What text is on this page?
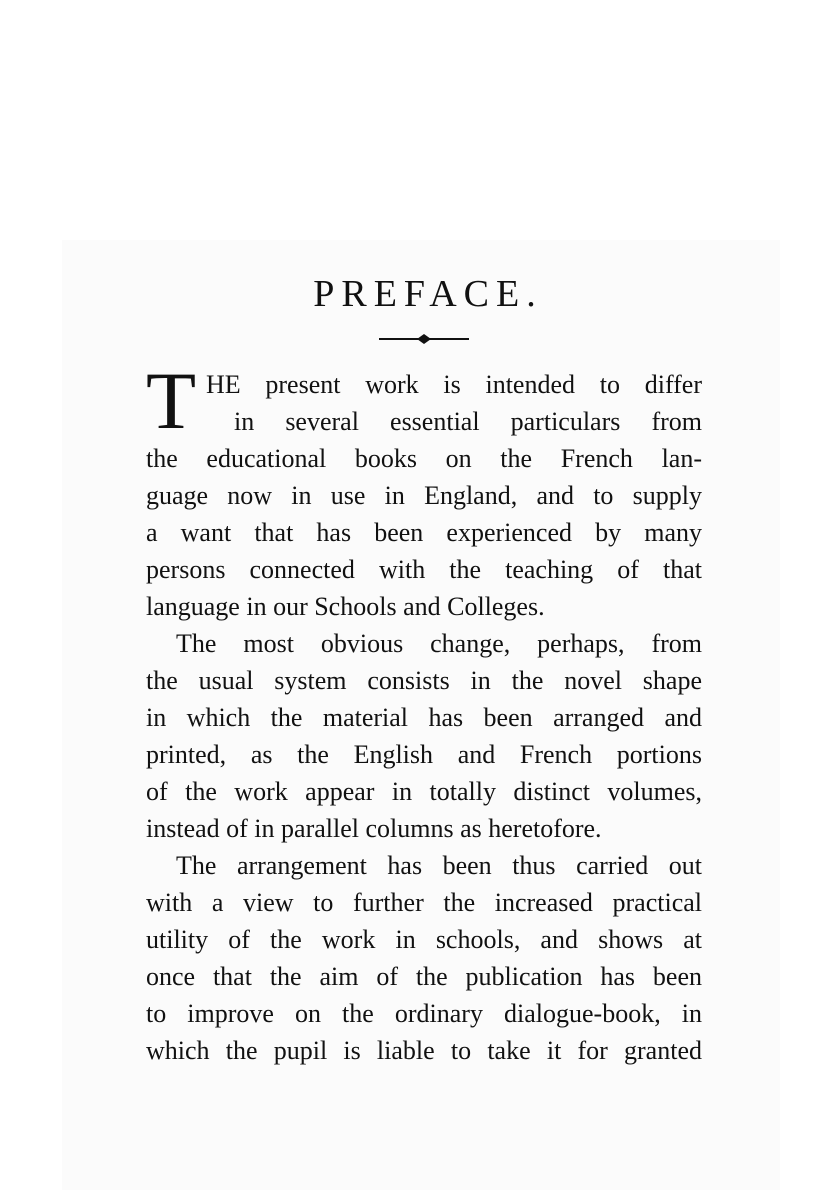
PREFACE.
T HE present work is intended to differ
in several essential particulars from
the educational books on the French lan-
guage now in use in England, and to supply
a want that has been experienced by many
persons connected with the teaching of that
language in our Schools and Colleges.
The most obvious change, perhaps, from
the usual system consists in the novel shape
in which the material has been arranged and
printed, as the English and French portions
of the work appear in totally distinct volumes,
instead of in parallel columns as heretofore.
The arrangement has been thus carried out
with a view to further the increased practical
utility of the work in schools, and shows at
once that the aim of the publication has been
to improve on the ordinary dialogue-book, in
which the pupil is liable to take it for granted
